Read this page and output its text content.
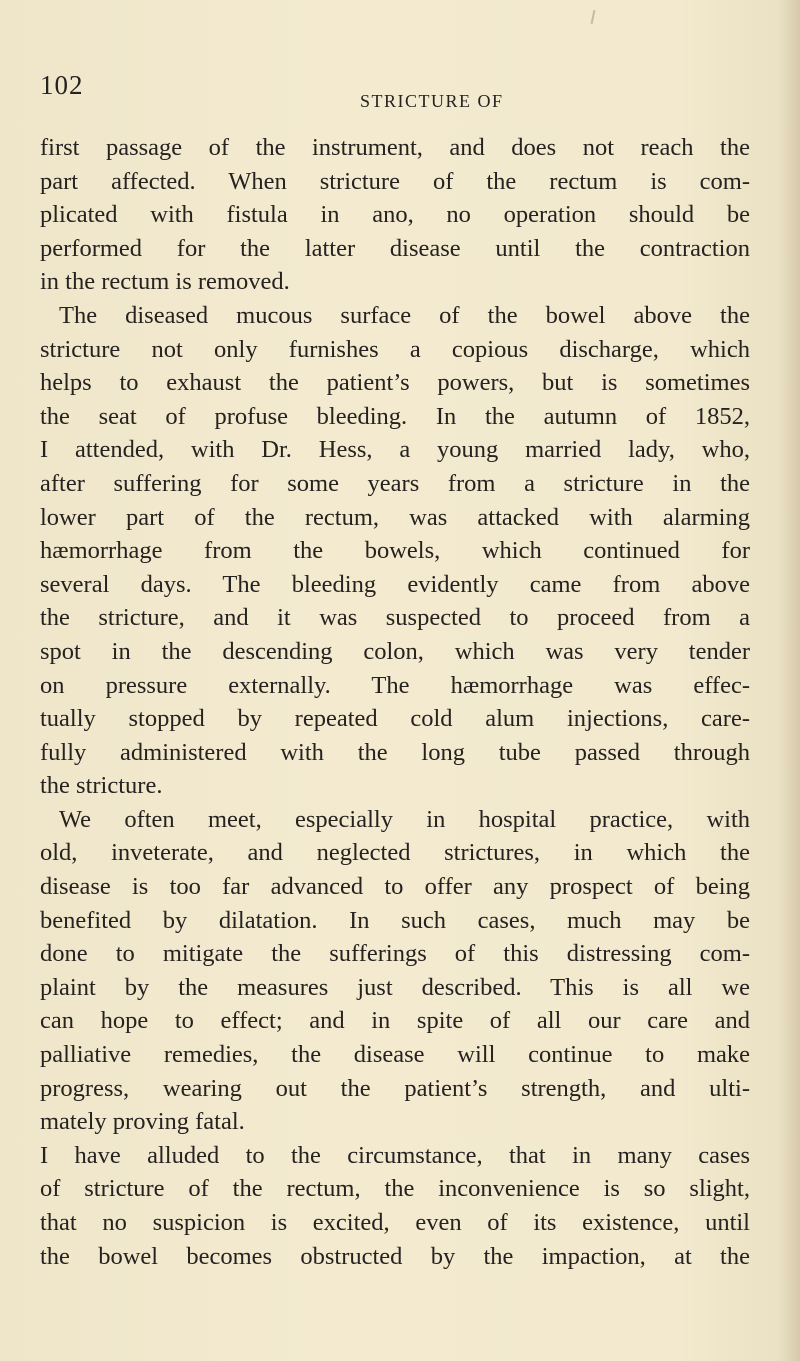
102
STRICTURE OF
first passage of the instrument, and does not reach the
part affected. When stricture of the rectum is com-
plicated with fistula in ano, no operation should be
performed for the latter disease until the contraction
in the rectum is removed.
The diseased mucous surface of the bowel above the
stricture not only furnishes a copious discharge, which
helps to exhaust the patient’s powers, but is sometimes
the seat of profuse bleeding. In the autumn of 1852,
I attended, with Dr. Hess, a young married lady, who,
after suffering for some years from a stricture in the
lower part of the rectum, was attacked with alarming
hæmorrhage from the bowels, which continued for
several days. The bleeding evidently came from above
the stricture, and it was suspected to proceed from a
spot in the descending colon, which was very tender
on pressure externally. The hæmorrhage was effec-
tually stopped by repeated cold alum injections, care-
fully administered with the long tube passed through
the stricture.
We often meet, especially in hospital practice, with
old, inveterate, and neglected strictures, in which the
disease is too far advanced to offer any prospect of being
benefited by dilatation. In such cases, much may be
done to mitigate the sufferings of this distressing com-
plaint by the measures just described. This is all we
can hope to effect; and in spite of all our care and
palliative remedies, the disease will continue to make
progress, wearing out the patient’s strength, and ulti-
mately proving fatal.
I have alluded to the circumstance, that in many cases
of stricture of the rectum, the inconvenience is so slight,
that no suspicion is excited, even of its existence, until
the bowel becomes obstructed by the impaction, at the
